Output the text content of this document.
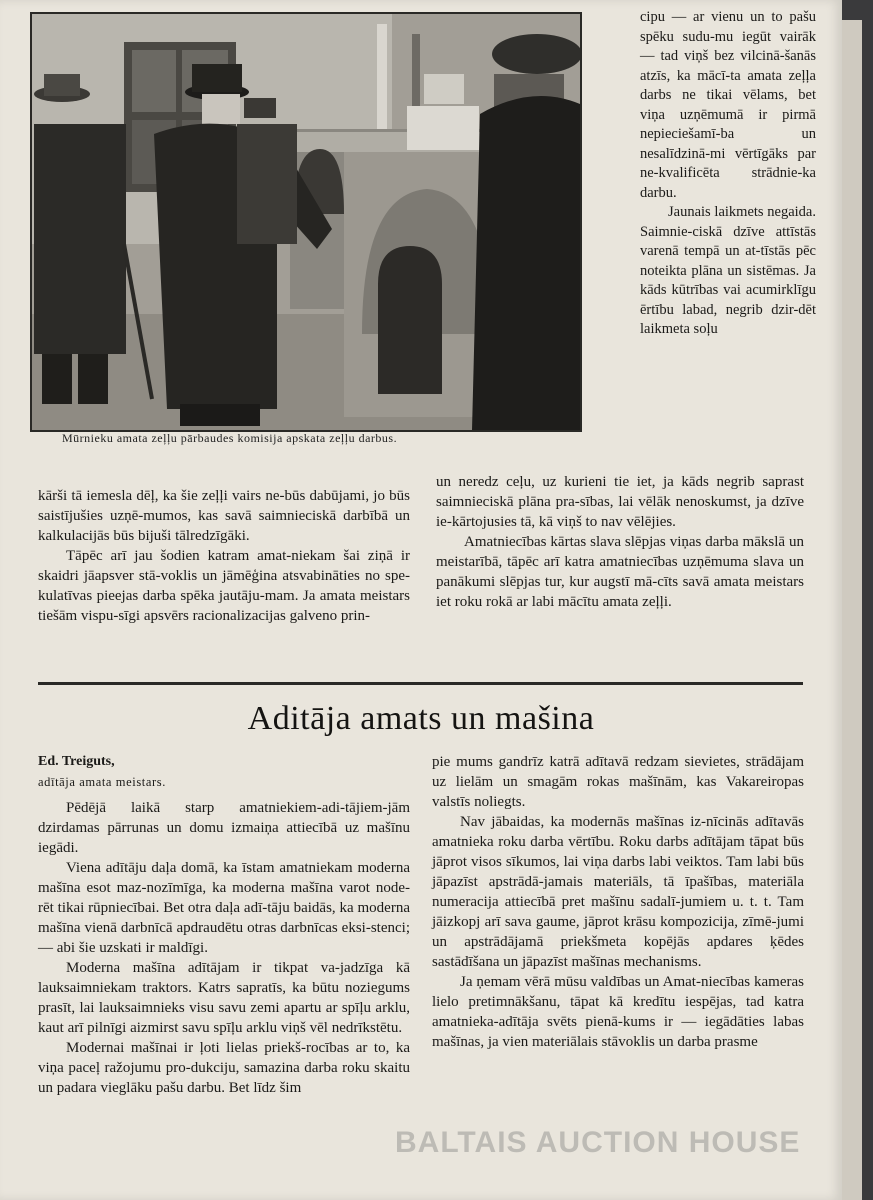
Mūrnieku amata zeļļu pārbaudes komisija apskata zeļļu darbus.

cipu — ar vienu un to pašu spēku sudu-mu iegūt vairāk — tad viņš bez vilcinā-šanās atzīs, ka mācī-ta amata zeļļa darbs ne tikai vēlams, bet viņa uzņēmumā ir pirmā nepieciešamī-ba un nesalīdzinā-mi vērtīgāks par ne-kvalificēta strādnie-ka darbu.

Jaunais laikmets negaida. Saimnie-ciskā dzīve attīstās varenā tempā un at-tīstās pēc noteikta plāna un sistēmas. Ja kāds kūtrības vai acumirklīgu ērtību labad, negrib dzir-dēt laikmeta soļu

kārši tā iemesla dēļ, ka šie zeļļi vairs ne-būs dabūjami, jo būs saistījušies uzņē-mumos, kas savā saimnieciskā darbībā un kalkulacijās būs bijuši tālredzīgāki.

Tāpēc arī jau šodien katram amat-niekam šai ziņā ir skaidri jāapsver stā-voklis un jāmēģina atsvabināties no spe-kulatīvas pieejas darba spēka jautāju-mam. Ja amata meistars tiešām vispu-sīgi apsvērs racionalizacijas galveno prin-

un neredz ceļu, uz kurieni tie iet, ja kāds negrib saprast saimnieciskā plāna pra-sības, lai vēlāk nenoskumst, ja dzīve ie-kārtojusies tā, kā viņš to nav vēlējies.

Amatniecības kārtas slava slēpjas viņas darba mākslā un meistarībā, tāpēc arī katra amatniecības uzņēmuma slava un panākumi slēpjas tur, kur augstī mā-cīts savā amata meistars iet roku rokā ar labi mācītu amata zeļļi.

Aditāja amats un mašina
Ed. Treiguts,
adītāja amata meistars.

Pēdējā laikā starp amatniekiem-adi-tājiem-jām dzirdamas pārrunas un domu izmaiņa attiecībā uz mašīnu iegādi.

Viena adītāju daļa domā, ka īstam amatniekam moderna mašīna esot maz-nozīmīga, ka moderna mašīna varot node-rēt tikai rūpniecībai. Bet otra daļa adī-tāju baidās, ka moderna mašīna vienā darbnīcā apdraudētu otras darbnīcas eksi-stenci; — abi šie uzskati ir maldīgi.

Moderna mašīna adītājam ir tikpat va-jadzīga kā lauksaimniekam traktors. Katrs sapratīs, ka būtu noziegums prasīt, lai lauksaimnieks visu savu zemi apartu ar spīļu arklu, kaut arī pilnīgi aizmirst savu spīļu arklu viņš vēl nedrīkstētu.

Modernai mašīnai ir ļoti lielas priekš-rocības ar to, ka viņa paceļ ražojumu pro-dukciju, samazina darba roku skaitu un padara vieglāku pašu darbu. Bet līdz šim

pie mums gandrīz katrā adītavā redzam sievietes, strādājam uz lielām un smagām rokas mašīnām, kas Vakareiropas valstīs noliegts.

Nav jābaidas, ka modernās mašīnas iz-nīcinās adītavās amatnieka roku darba vērtību. Roku darbs adītājam tāpat būs jāprot visos sīkumos, lai viņa darbs labi veiktos. Tam labi būs jāpazīst apstrādā-jamais materiāls, tā īpašības, materiāla numeracija attiecībā pret mašīnu sadalī-jumiem u. t. t. Tam jāizkopj arī sava gaume, jāprot krāsu kompozicija, zīmē-jumi un apstrādājamā priekšmeta kopējās apdares ķēdes sastādīšana un jāpazīst mašīnas mechanisms.

Ja ņemam vērā mūsu valdības un Amat-niecības kameras lielo pretimnākšanu, tāpat kā kredītu iespējas, tad katra amatnieka-adītāja svēts pienā-kums ir — iegādāties labas mašīnas, ja vien materiālais stāvoklis un darba prasme

BALTAIS AUCTION HOUSE
